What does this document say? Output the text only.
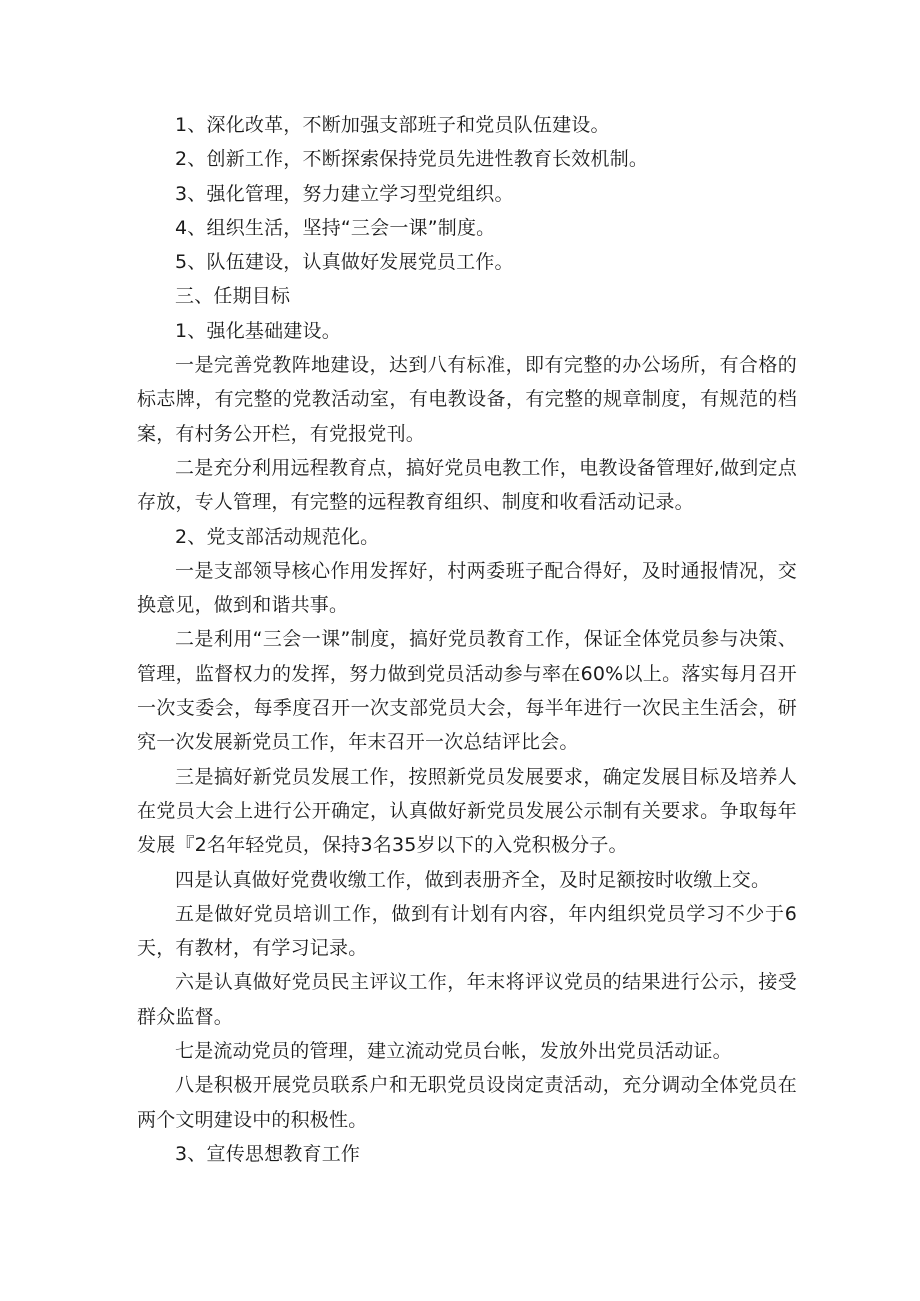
1、深化改革，不断加强支部班子和党员队伍建设。

2、创新工作，不断探索保持党员先进性教育长效机制。

3、强化管理，努力建立学习型党组织。

4、组织生活，坚持“三会一课”制度。

5、队伍建设，认真做好发展党员工作。

三、任期目标

1、强化基础建设。

一是完善党教阵地建设，达到八有标准，即有完整的办公场所，有合格的标志牌，有完整的党教活动室，有电教设备，有完整的规章制度，有规范的档案，有村务公开栏，有党报党刊。

二是充分利用远程教育点，搞好党员电教工作，电教设备管理好,做到定点存放，专人管理，有完整的远程教育组织、制度和收看活动记录。

2、党支部活动规范化。

一是支部领导核心作用发挥好，村两委班子配合得好，及时通报情况，交换意见，做到和谐共事。

二是利用“三会一课”制度，搞好党员教育工作，保证全体党员参与决策、管理，监督权力的发挥，努力做到党员活动参与率在60%以上。落实每月召开一次支委会，每季度召开一次支部党员大会，每半年进行一次民主生活会，研究一次发展新党员工作，年末召开一次总结评比会。

三是搞好新党员发展工作，按照新党员发展要求，确定发展目标及培养人在党员大会上进行公开确定，认真做好新党员发展公示制有关要求。争取每年发展『2名年轻党员，保持3名35岁以下的入党积极分子。

四是认真做好党费收缴工作，做到表册齐全，及时足额按时收缴上交。

五是做好党员培训工作，做到有计划有内容，年内组织党员学习不少于6天，有教材，有学习记录。

六是认真做好党员民主评议工作，年末将评议党员的结果进行公示，接受群众监督。

七是流动党员的管理，建立流动党员台帐，发放外出党员活动证。

八是积极开展党员联系户和无职党员设岗定责活动，充分调动全体党员在两个文明建设中的积极性。

3、宣传思想教育工作
